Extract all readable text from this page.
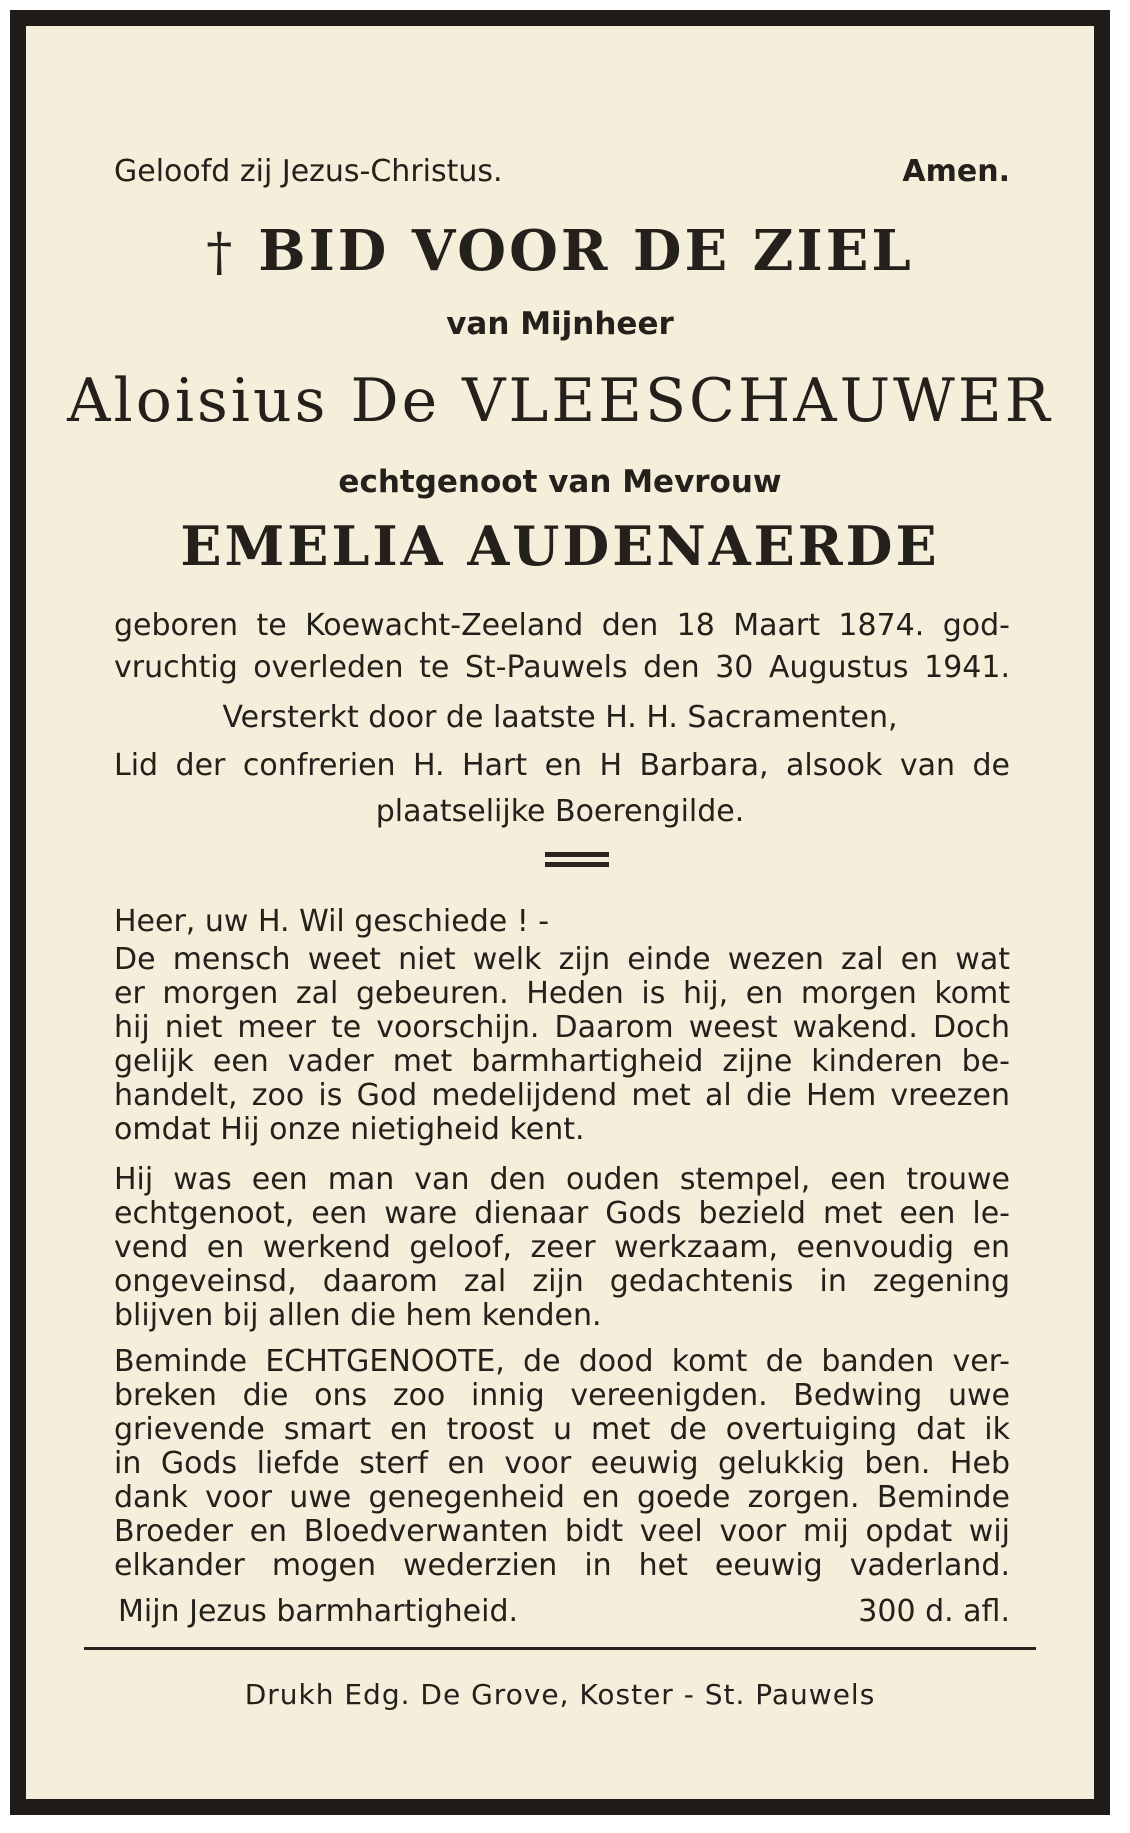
Geloofd zij Jezus-Christus.	Amen.
† BID VOOR DE ZIEL
van Mijnheer
Aloisius De VLEESCHAUWER
echtgenoot van Mevrouw
EMELIA AUDENAERDE
geboren te Koewacht-Zeeland den 18 Maart 1874. god-
vruchtig overleden te St-Pauwels den 30 Augustus 1941.
Versterkt door de laatste H. H. Sacramenten,
Lid der confrerien H. Hart en H Barbara, alsook van de
plaatselijke Boerengilde.
Heer, uw H. Wil geschiede ! -
De mensch weet niet welk zijn einde wezen zal en wat
er morgen zal gebeuren. Heden is hij, en morgen komt
hij niet meer te voorschijn. Daarom weest wakend. Doch
gelijk een vader met barmhartigheid zijne kinderen be-
handelt, zoo is God medelijdend met al die Hem vreezen
omdat Hij onze nietigheid kent.
Hij was een man van den ouden stempel, een trouwe
echtgenoot, een ware dienaar Gods bezield met een le-
vend en werkend geloof, zeer werkzaam, eenvoudig en
ongeveinsd, daarom zal zijn gedachtenis in zegening
blijven bij allen die hem kenden.
Beminde ECHTGENOOTE, de dood komt de banden ver-
breken die ons zoo innig vereenigden. Bedwing uwe
grievende smart en troost u met de overtuiging dat ik
in Gods liefde sterf en voor eeuwig gelukkig ben. Heb
dank voor uwe genegenheid en goede zorgen. Beminde
Broeder en Bloedverwanten bidt veel voor mij opdat wij
elkander mogen wederzien in het eeuwig vaderland.
Mijn Jezus barmhartigheid.	300 d. afl.
Drukh Edg. De Grove, Koster - St. Pauwels
